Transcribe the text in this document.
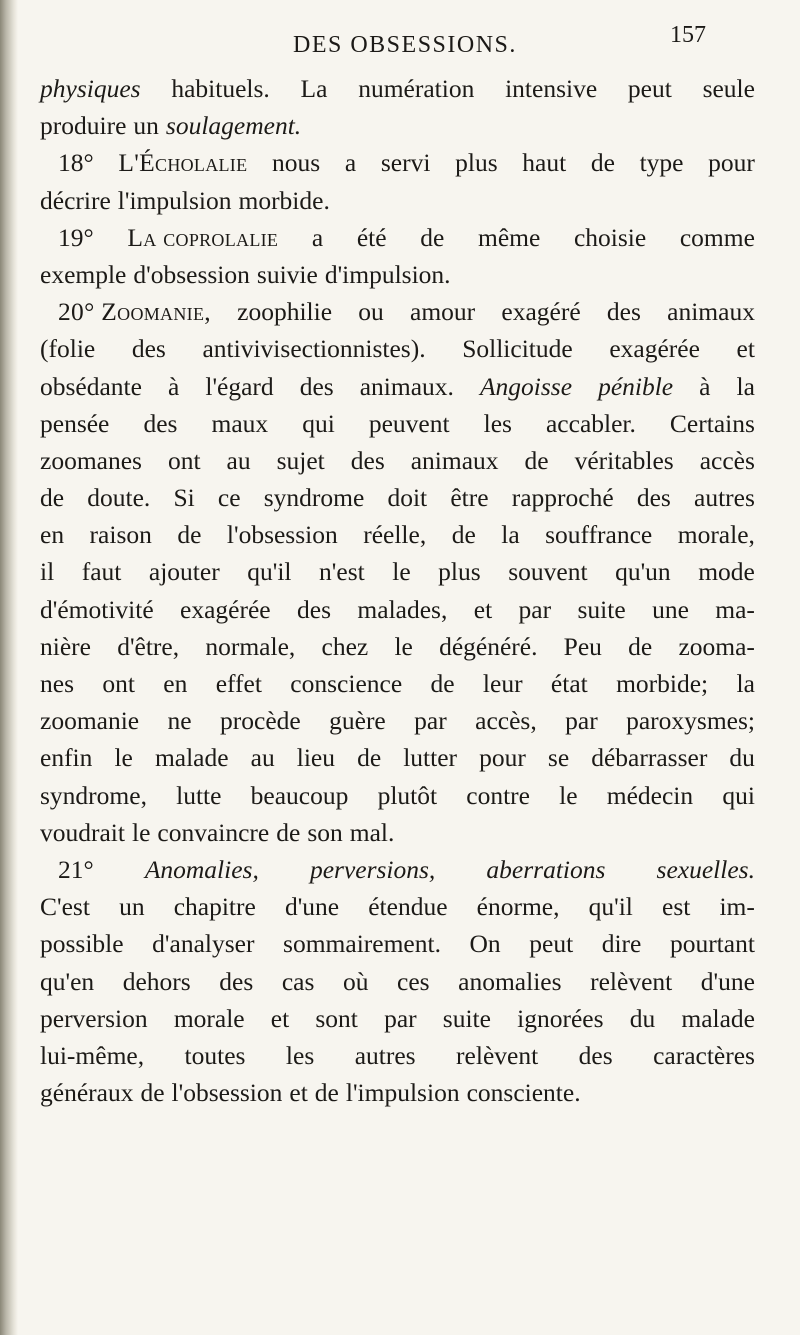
DES OBSESSIONS.	157
physiques habituels. La numération intensive peut seule
produire un soulagement.
18° L'Écholalie nous a servi plus haut de type pour
décrire l'impulsion morbide.
19° La coprolalie a été de même choisie comme
exemple d'obsession suivie d'impulsion.
20° Zoomanie, zoophilie ou amour exagéré des animaux
(folie des antivivisectionnistes). Sollicitude exagérée et
obsédante à l'égard des animaux. Angoisse pénible à la
pensée des maux qui peuvent les accabler. Certains
zoomanes ont au sujet des animaux de véritables accès
de doute. Si ce syndrome doit être rapproché des autres
en raison de l'obsession réelle, de la souffrance morale,
il faut ajouter qu'il n'est le plus souvent qu'un mode
d'émotivité exagérée des malades, et par suite une ma-
nière d'être, normale, chez le dégénéré. Peu de zooma-
nes ont en effet conscience de leur état morbide; la
zoomanie ne procède guère par accès, par paroxysmes;
enfin le malade au lieu de lutter pour se débarrasser du
syndrome, lutte beaucoup plutôt contre le médecin qui
voudrait le convaincre de son mal.
21° Anomalies, perversions, aberrations sexuelles.
C'est un chapitre d'une étendue énorme, qu'il est im-
possible d'analyser sommairement. On peut dire pourtant
qu'en dehors des cas où ces anomalies relèvent d'une
perversion morale et sont par suite ignorées du malade
lui-même, toutes les autres relèvent des caractères
généraux de l'obsession et de l'impulsion consciente.
